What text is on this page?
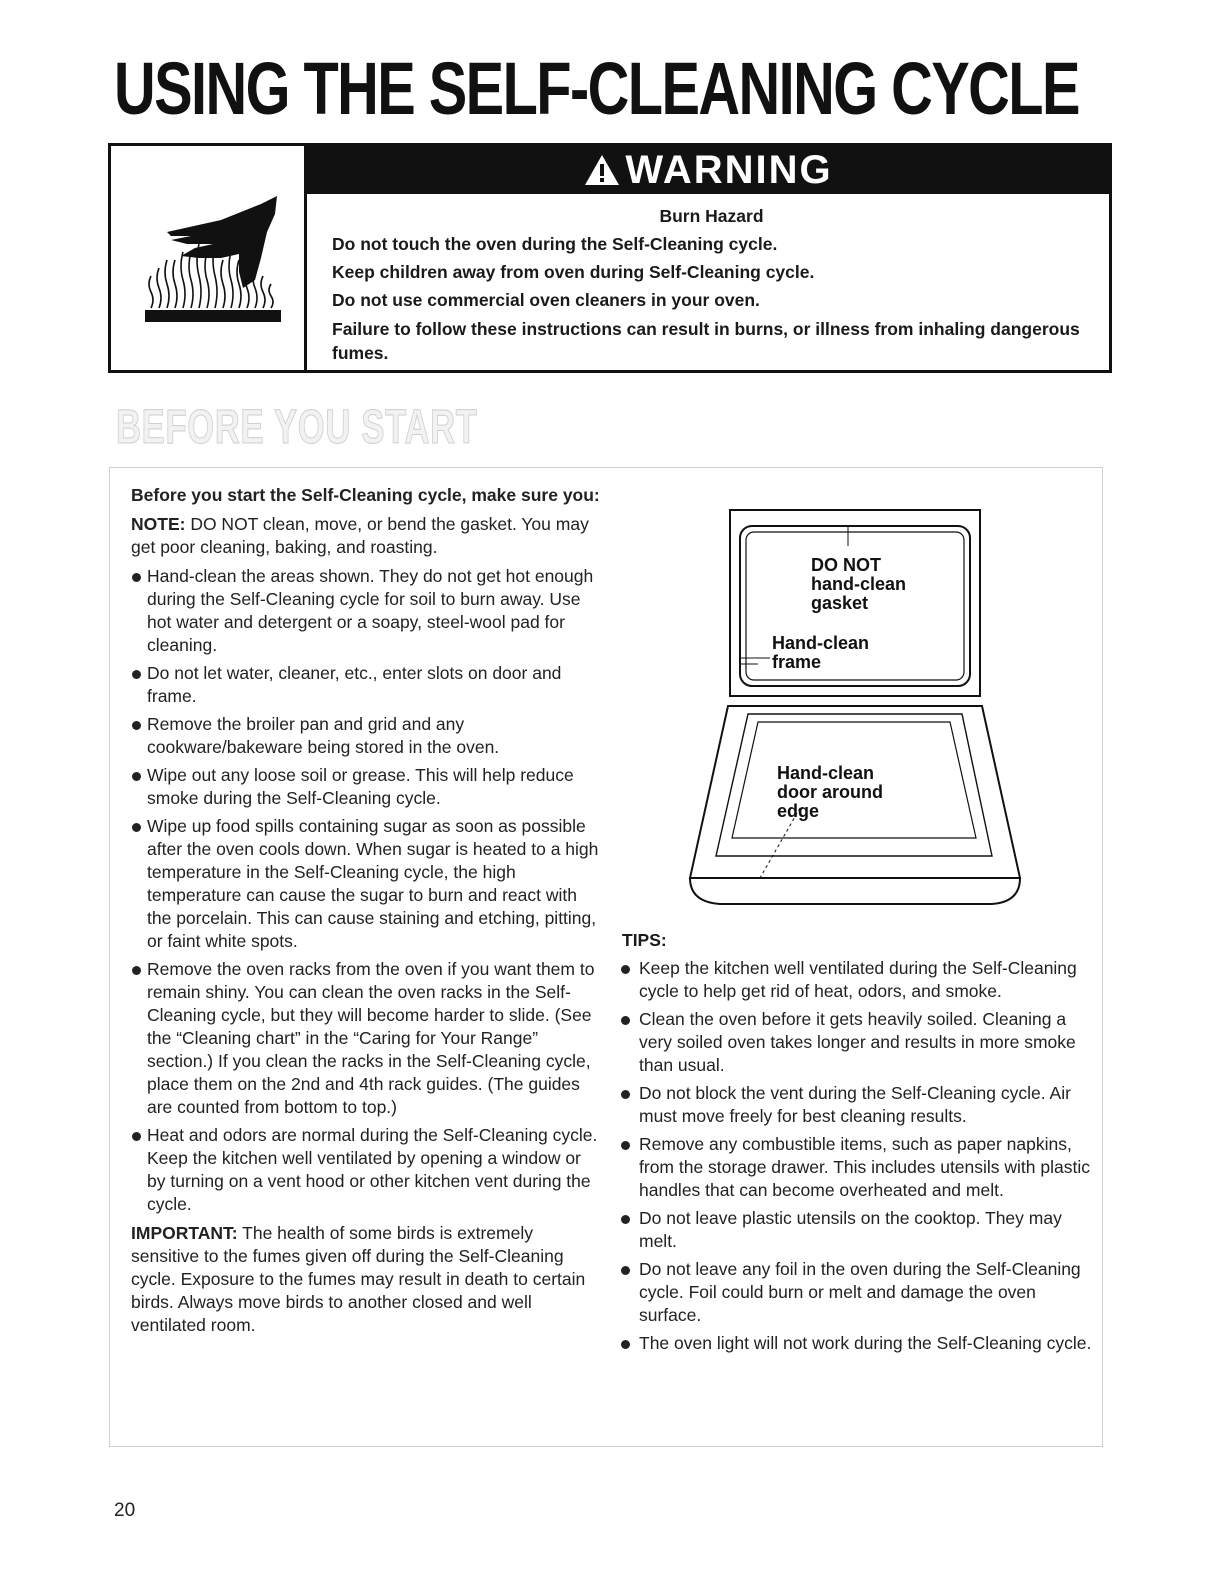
USING THE SELF-CLEANING CYCLE
WARNING
Burn Hazard

Do not touch the oven during the Self-Cleaning cycle.

Keep children away from oven during Self-Cleaning cycle.

Do not use commercial oven cleaners in your oven.

Failure to follow these instructions can result in burns, or illness from inhaling dangerous fumes.

BEFORE YOU START

Before you start the Self-Cleaning cycle, make sure you:

NOTE: DO NOT clean, move, or bend the gasket. You may get poor cleaning, baking, and roasting.

Hand-clean the areas shown. They do not get hot enough during the Self-Cleaning cycle for soil to burn away. Use hot water and detergent or a soapy, steel-wool pad for cleaning.
Do not let water, cleaner, etc., enter slots on door and frame.
Remove the broiler pan and grid and any cookware/bakeware being stored in the oven.
Wipe out any loose soil or grease. This will help reduce smoke during the Self-Cleaning cycle.
Wipe up food spills containing sugar as soon as possible after the oven cools down. When sugar is heated to a high temperature in the Self-Cleaning cycle, the high temperature can cause the sugar to burn and react with the porcelain. This can cause staining and etching, pitting, or faint white spots.
Remove the oven racks from the oven if you want them to remain shiny. You can clean the oven racks in the Self-Cleaning cycle, but they will become harder to slide. (See the “Cleaning chart” in the “Caring for Your Range” section.) If you clean the racks in the Self-Cleaning cycle, place them on the 2nd and 4th rack guides. (The guides are counted from bottom to top.)
Heat and odors are normal during the Self-Cleaning cycle. Keep the kitchen well ventilated by opening a window or by turning on a vent hood or other kitchen vent during the cycle.

IMPORTANT: The health of some birds is extremely sensitive to the fumes given off during the Self-Cleaning cycle. Exposure to the fumes may result in death to certain birds. Always move birds to another closed and well ventilated room.

DO NOT
hand-clean
gasket
Hand-clean
frame
Hand-clean
door around
edge

TIPS:

Keep the kitchen well ventilated during the Self-Cleaning cycle to help get rid of heat, odors, and smoke.
Clean the oven before it gets heavily soiled. Cleaning a very soiled oven takes longer and results in more smoke than usual.
Do not block the vent during the Self-Cleaning cycle. Air must move freely for best cleaning results.
Remove any combustible items, such as paper napkins, from the storage drawer. This includes utensils with plastic handles that can become overheated and melt.
Do not leave plastic utensils on the cooktop. They may melt.
Do not leave any foil in the oven during the Self-Cleaning cycle. Foil could burn or melt and damage the oven surface.
The oven light will not work during the Self-Cleaning cycle.
20
